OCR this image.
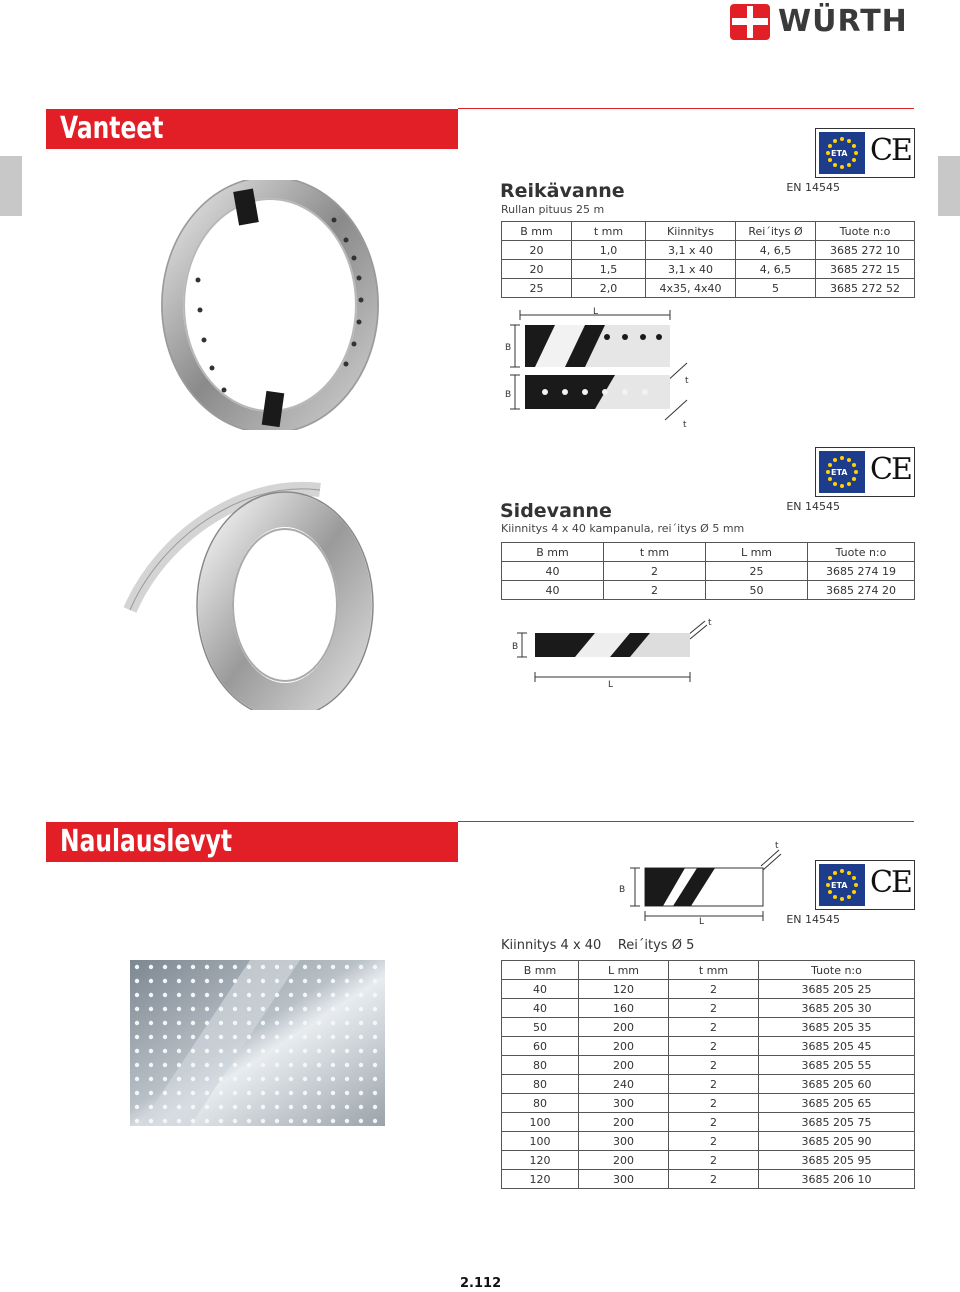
WÜRTH
Vanteet
ETA CE
EN 14545
Reikävanne
Rullan pituus 25 m
B mm	t mm	Kiinnitys	Rei´itys Ø	Tuote n:o
20	1,0	3,1 x 40	4, 6,5	3685 272 10
20	1,5	3,1 x 40	4, 6,5	3685 272 15
25	2,0	4x35, 4x40	5	3685 272 52
L
B
B
t
t
ETA CE
EN 14545
Sidevanne
Kiinnitys 4 x 40 kampanula, rei´itys Ø 5 mm
B mm	t mm	L mm	Tuote n:o
40	2	25	3685 274 19
40	2	50	3685 274 20
B
L
t
Naulauslevyt
B
L
t
ETA CE
EN 14545
Kiinnitys 4 x 40    Rei´itys Ø 5
B mm	L mm	t mm	Tuote n:o
40	120	2	3685 205 25
40	160	2	3685 205 30
50	200	2	3685 205 35
60	200	2	3685 205 45
80	200	2	3685 205 55
80	240	2	3685 205 60
80	300	2	3685 205 65
100	200	2	3685 205 75
100	300	2	3685 205 90
120	200	2	3685 205 95
120	300	2	3685 206 10
2.112
